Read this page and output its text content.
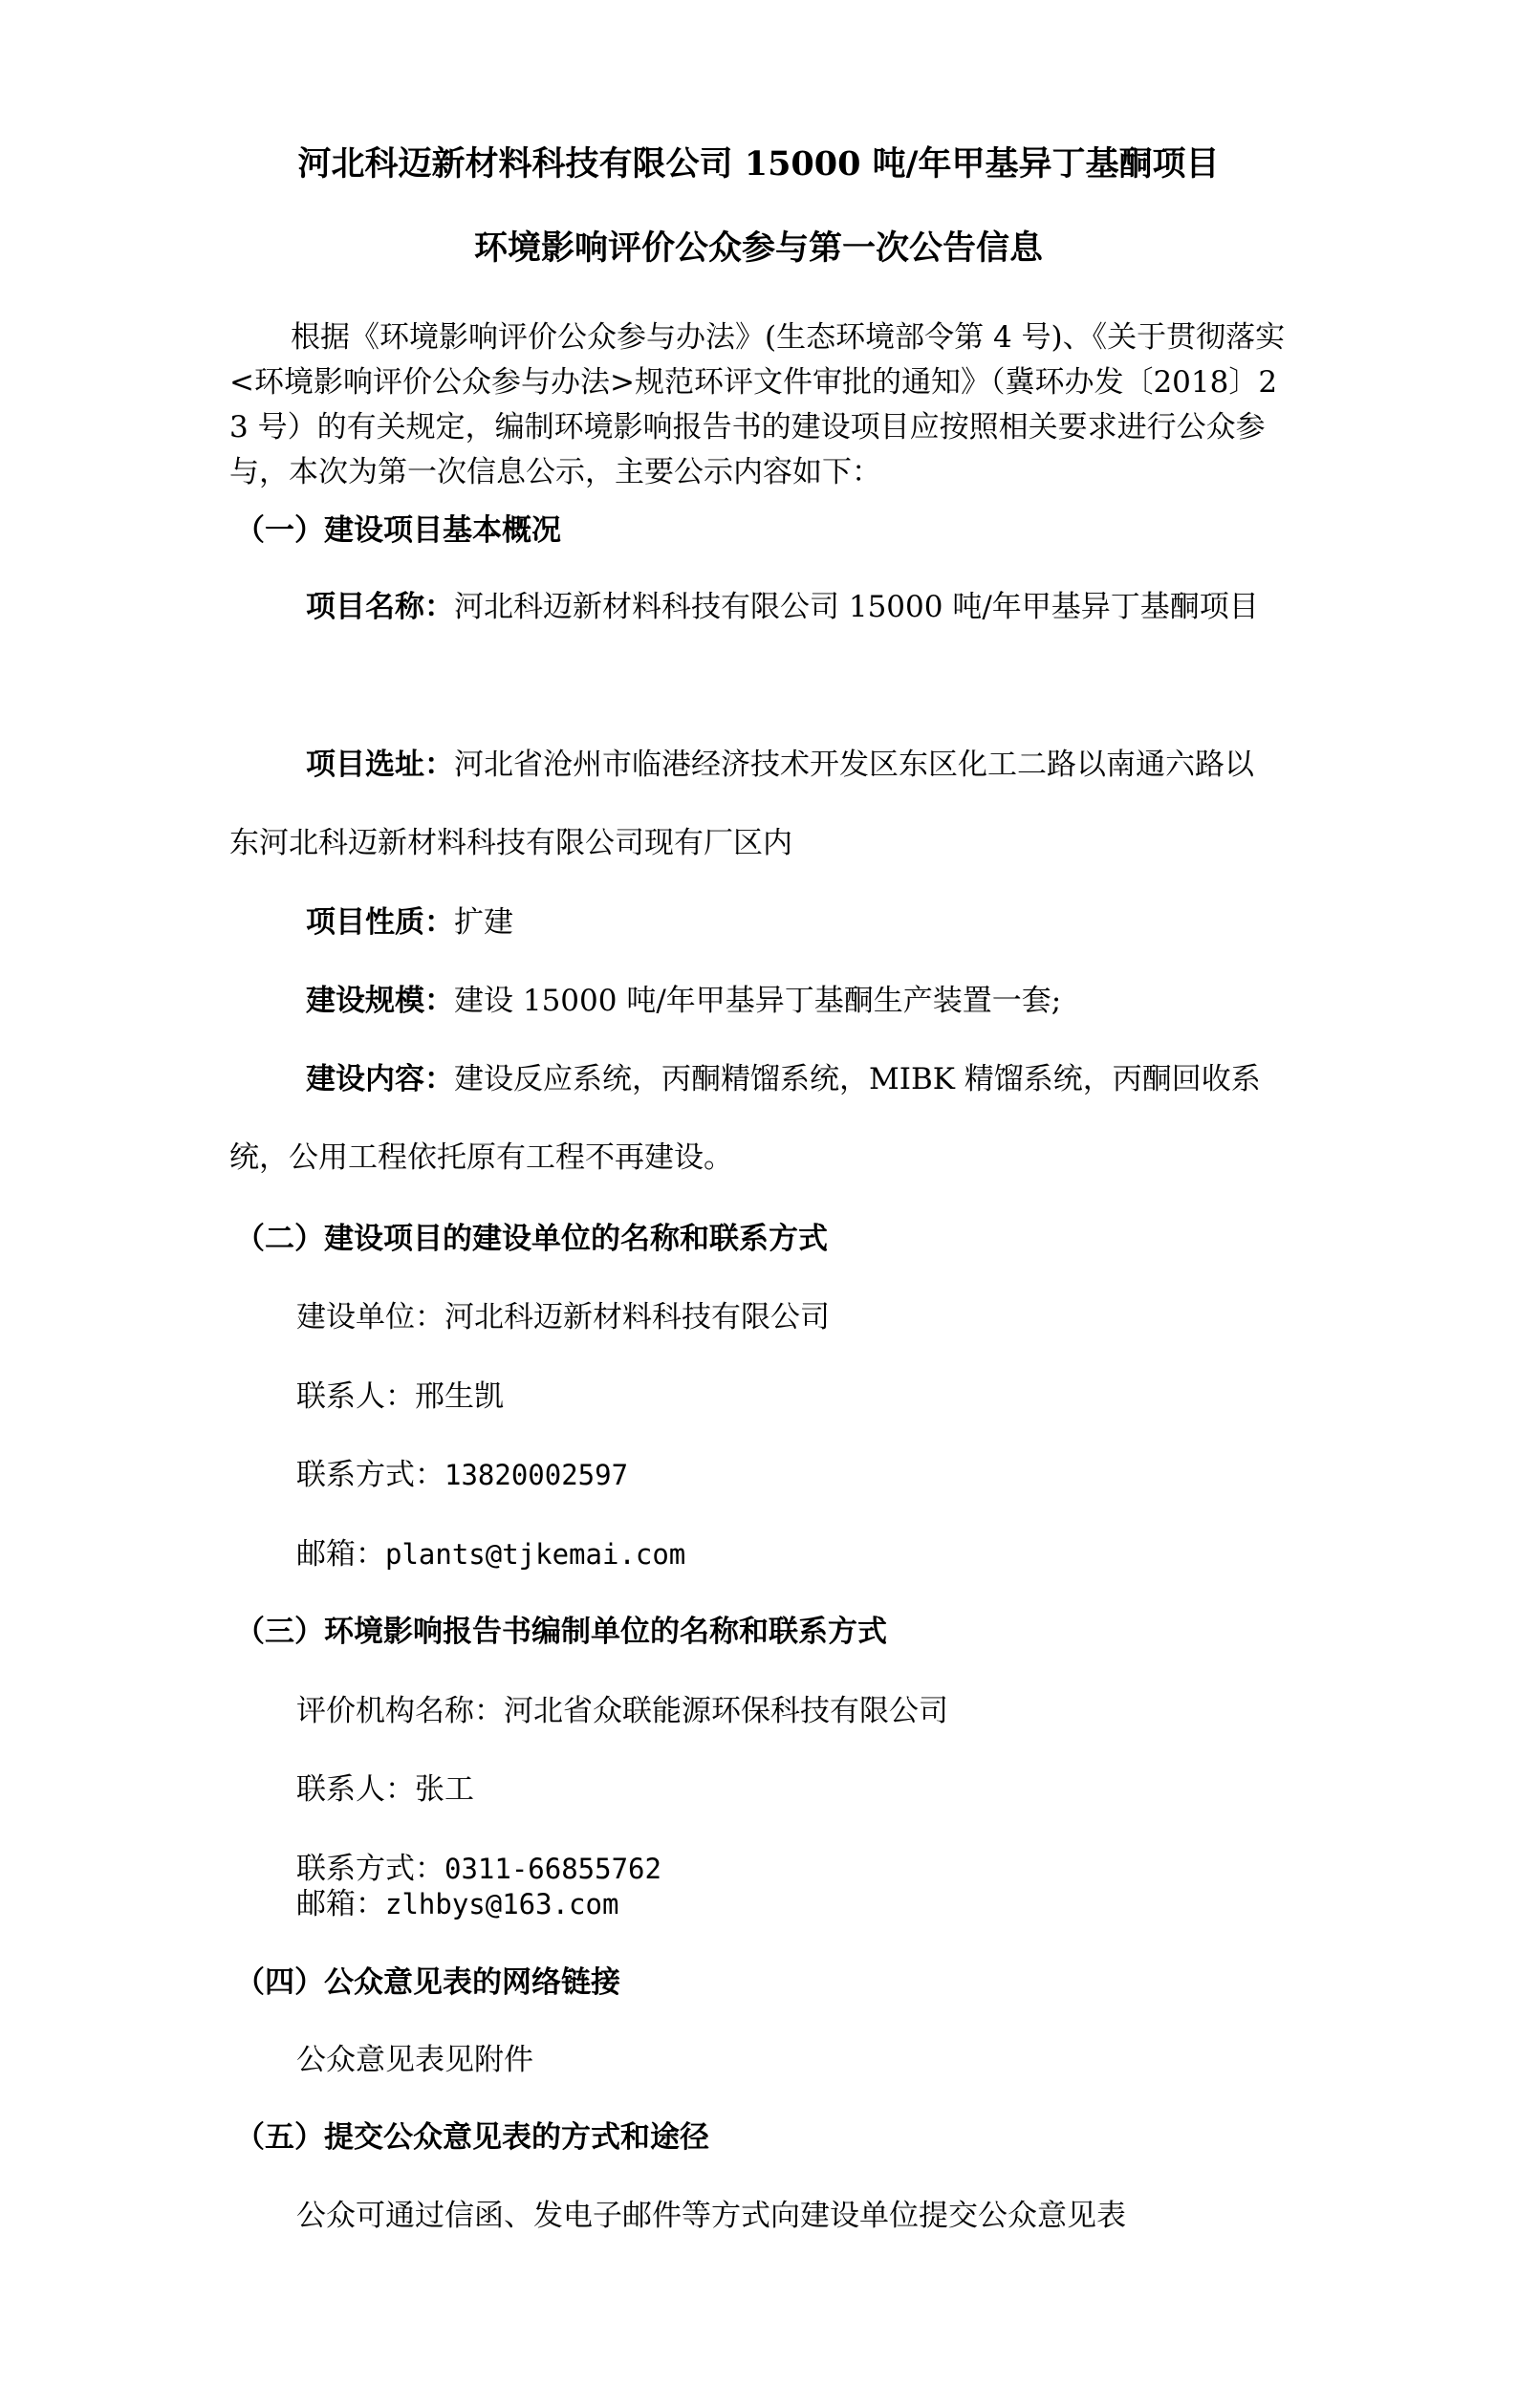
河北科迈新材料科技有限公司 15000 吨/年甲基异丁基酮项目
环境影响评价公众参与第一次公告信息
根据《环境影响评价公众参与办法》(生态环境部令第 4 号)、《关于贯彻落实<环境影响评价公众参与办法>规范环评文件审批的通知》（冀环办发〔2018〕23 号）的有关规定，编制环境影响报告书的建设项目应按照相关要求进行公众参与，本次为第一次信息公示，主要公示内容如下：
（一）建设项目基本概况
项目名称：河北科迈新材料科技有限公司 15000 吨/年甲基异丁基酮项目
项目选址：河北省沧州市临港经济技术开发区东区化工二路以南通六路以东河北科迈新材料科技有限公司现有厂区内
项目性质：扩建
建设规模：建设 15000 吨/年甲基异丁基酮生产装置一套;
建设内容：建设反应系统，丙酮精馏系统，MIBK 精馏系统，丙酮回收系统，公用工程依托原有工程不再建设。
（二）建设项目的建设单位的名称和联系方式
建设单位：河北科迈新材料科技有限公司
联系人：邢生凯
联系方式：13820002597
邮箱：plants@tjkemai.com
（三）环境影响报告书编制单位的名称和联系方式
评价机构名称：河北省众联能源环保科技有限公司
联系人：张工
联系方式：0311-66855762
邮箱：zlhbys@163.com
（四）公众意见表的网络链接
公众意见表见附件
（五）提交公众意见表的方式和途径
公众可通过信函、发电子邮件等方式向建设单位提交公众意见表
